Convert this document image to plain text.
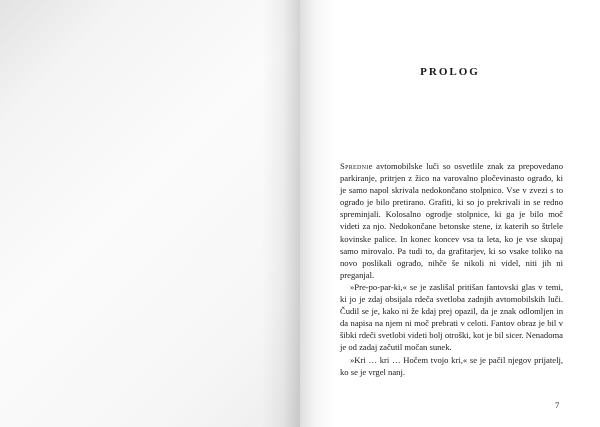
PROLOG

Sprednie avtomobilske luči so osvetlile znak za prepovedano parkiranje, pritrjen z žico na varovalno pločevinasto ograđo, ki je samo napol skrivala nedokončano stolpnico. Vse v zvezi s to ograđo je bilo pretirano. Grafiti, ki so jo prekrivali in se redno spreminjali. Kolosalno ogrodje stolpnice, ki ga je bilo moč videti za njo. Nedokončane betonske stene, iz katerih so štrlele kovinske palice. In konec koncev vsa ta leta, ko je vse skupaj samo mirovalo. Pa tudi to, da grafitarjev, ki so vsake toliko na novo poslikali ograđo, nihče še nikoli ni videl, niti jih ni preganjal.

»Pre-po-par-ki,« se je zaslišal pritišan fantovski glas v temi, ki jo je zdaj obsijala rdeča svetloba zadnjih avtomobilskih luči. Čudil se je, kako ni že kdaj prej opazil, da je znak odlomljen in da napisa na njem ni moč prebrati v celoti. Fantov obraz je bil v šibki rdeči svetlobi videti bolj otroški, kot je bil sicer. Nenadoma je od zadaj začutil močan sunek.

»Kri … kri … Hočem tvojo kri,« se je pačil njegov prijatelj, ko se je vrgel nanj.

7
